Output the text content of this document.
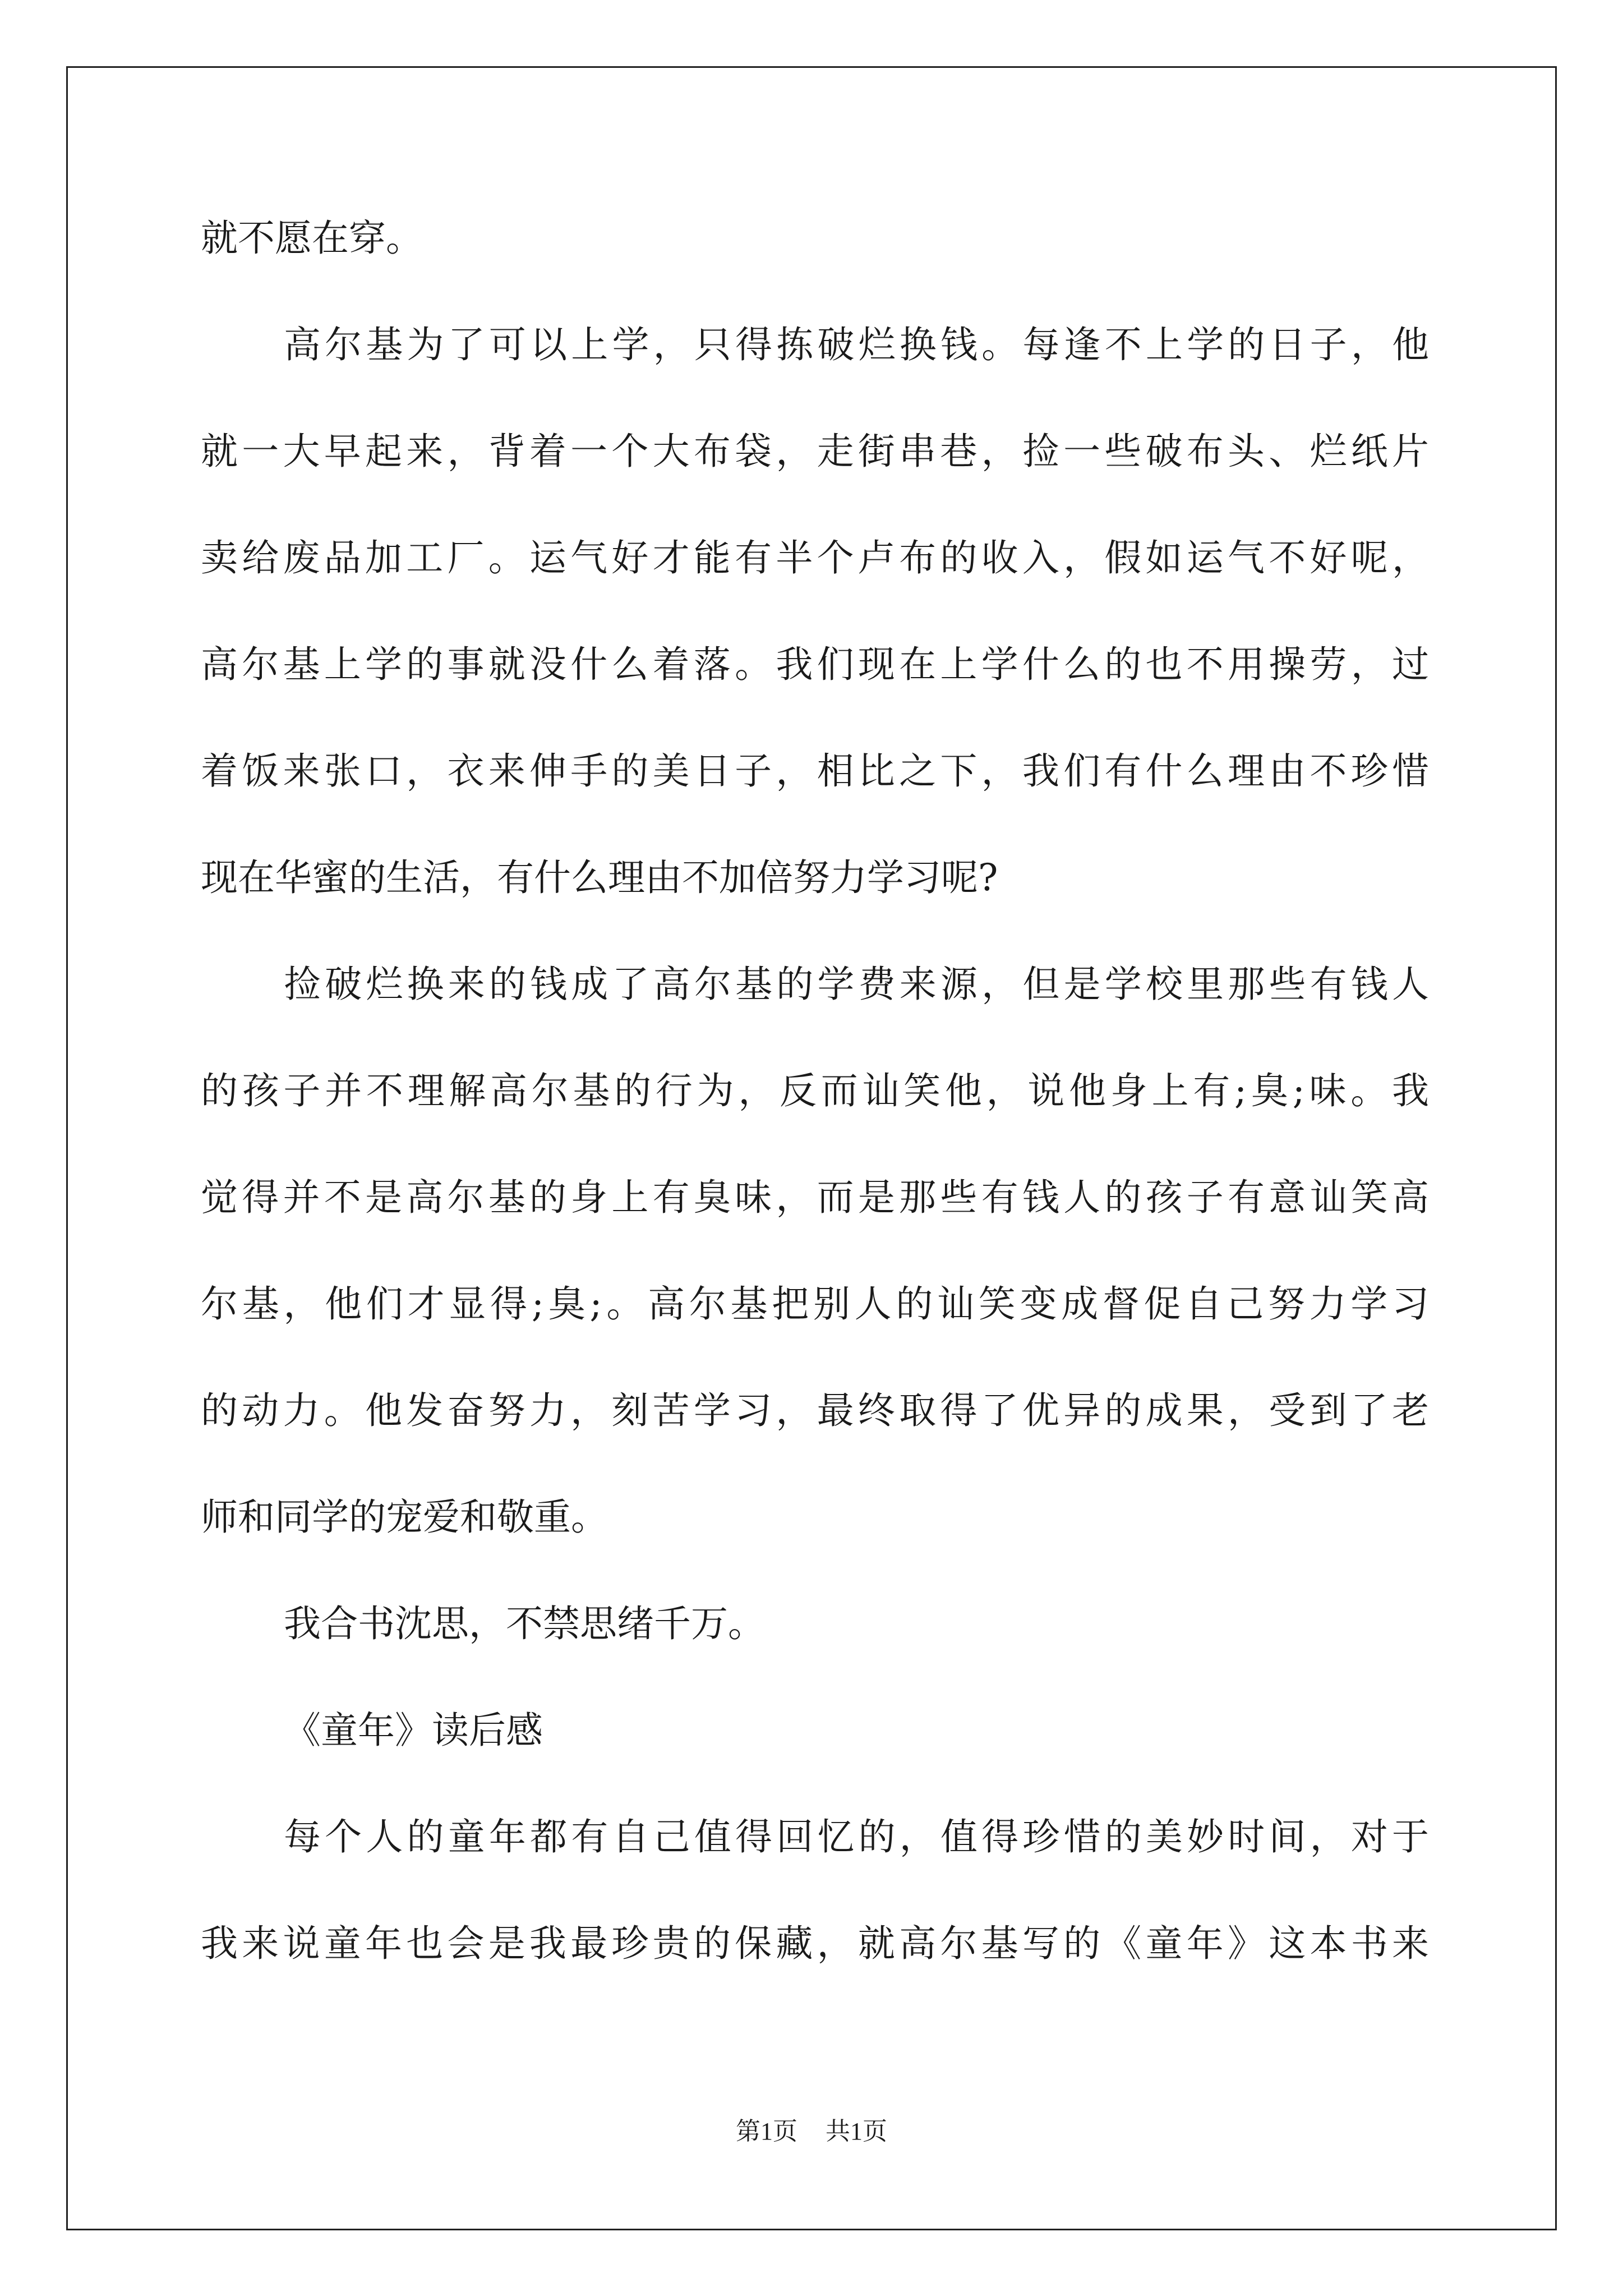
就不愿在穿。
高尔基为了可以上学，只得拣破烂换钱。每逢不上学的日子，他
就一大早起来，背着一个大布袋，走街串巷，捡一些破布头、烂纸片
卖给废品加工厂。运气好才能有半个卢布的收入，假如运气不好呢，
高尔基上学的事就没什么着落。我们现在上学什么的也不用操劳，过
着饭来张口，衣来伸手的美日子，相比之下，我们有什么理由不珍惜
现在华蜜的生活，有什么理由不加倍努力学习呢?
捡破烂换来的钱成了高尔基的学费来源，但是学校里那些有钱人
的孩子并不理解高尔基的行为，反而讪笑他，说他身上有;臭;味。我
觉得并不是高尔基的身上有臭味，而是那些有钱人的孩子有意讪笑高
尔基，他们才显得;臭;。高尔基把别人的讪笑变成督促自己努力学习
的动力。他发奋努力，刻苦学习，最终取得了优异的成果，受到了老
师和同学的宠爱和敬重。
我合书沈思，不禁思绪千万。
《童年》读后感
每个人的童年都有自己值得回忆的，值得珍惜的美妙时间，对于
我来说童年也会是我最珍贵的保藏，就高尔基写的《童年》这本书来
第1页 共1页
